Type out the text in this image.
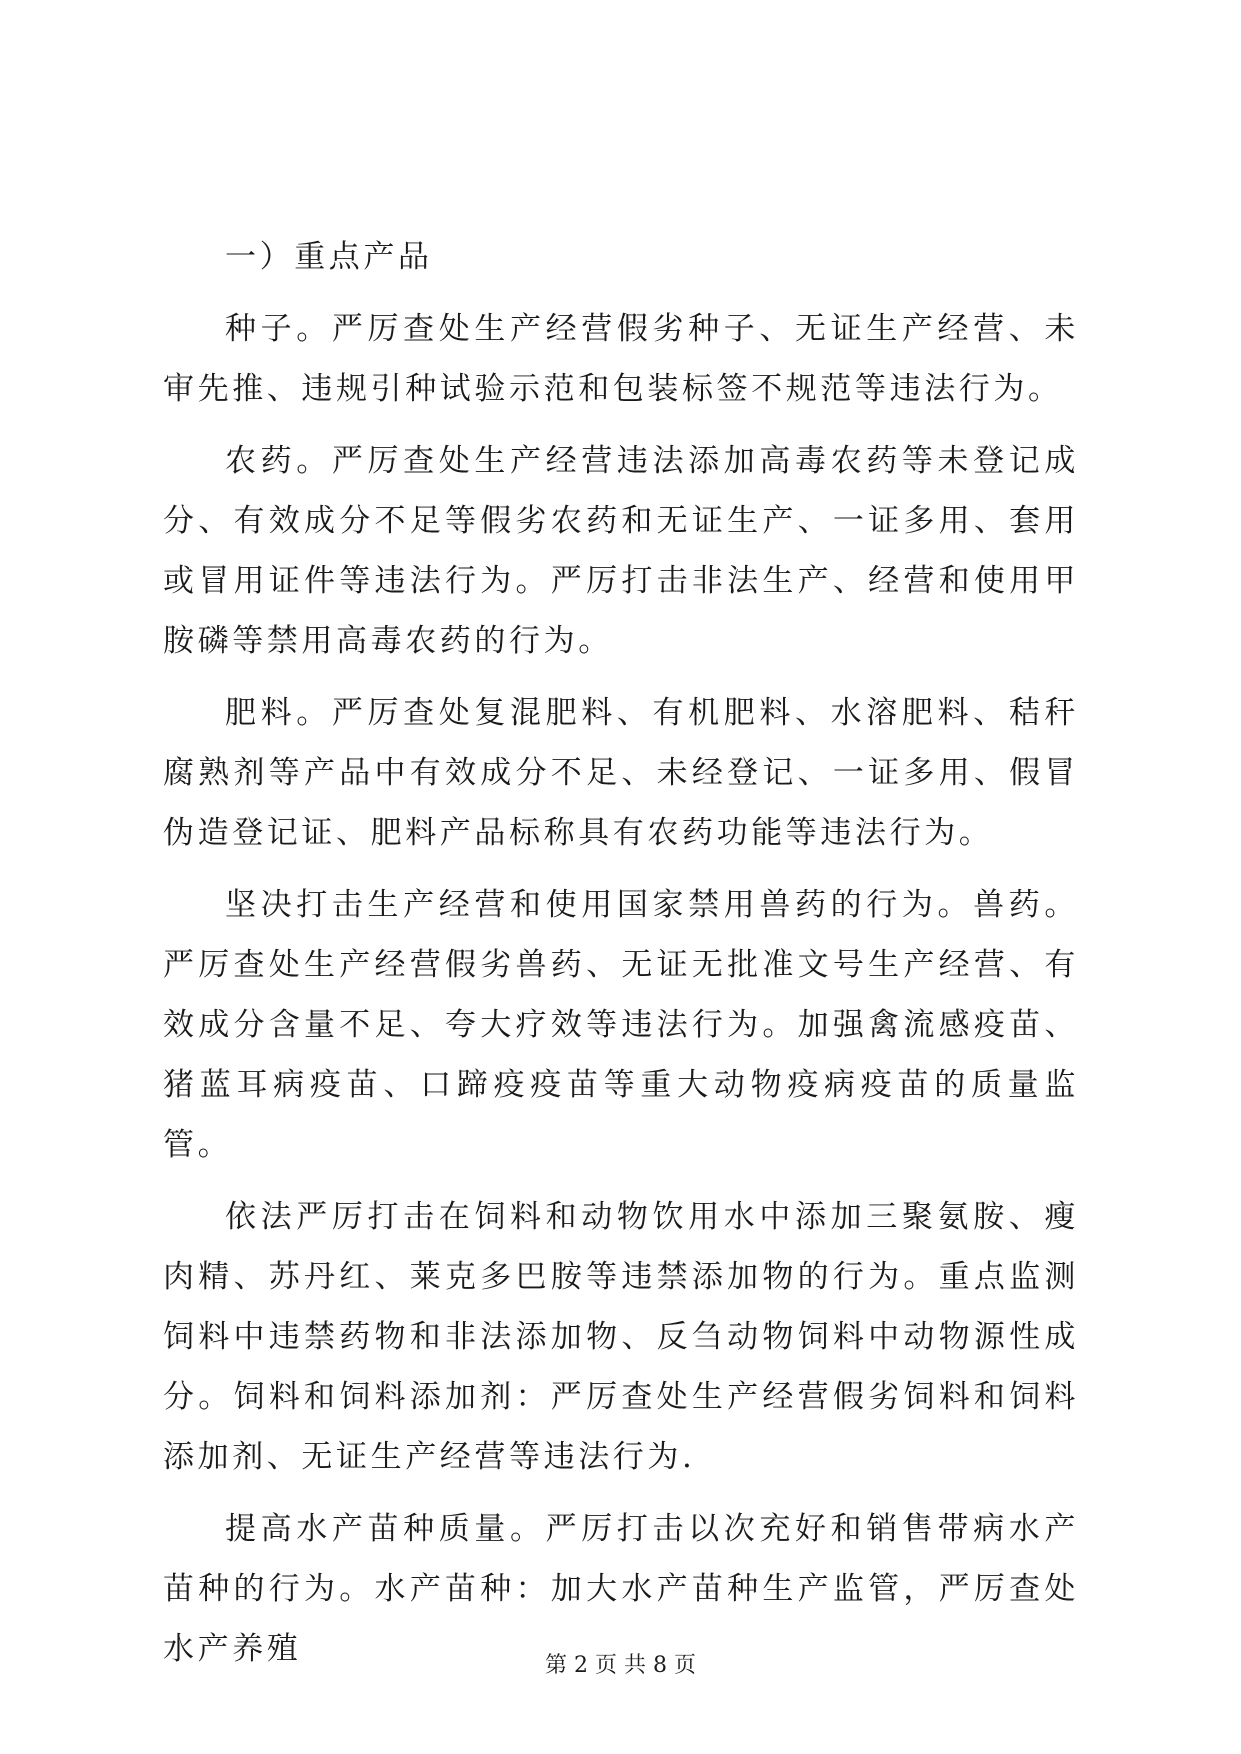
一）重点产品

种子。严厉查处生产经营假劣种子、无证生产经营、未审先推、违规引种试验示范和包装标签不规范等违法行为。

农药。严厉查处生产经营违法添加高毒农药等未登记成分、有效成分不足等假劣农药和无证生产、一证多用、套用或冒用证件等违法行为。严厉打击非法生产、经营和使用甲胺磷等禁用高毒农药的行为。

肥料。严厉查处复混肥料、有机肥料、水溶肥料、秸秆腐熟剂等产品中有效成分不足、未经登记、一证多用、假冒伪造登记证、肥料产品标称具有农药功能等违法行为。

坚决打击生产经营和使用国家禁用兽药的行为。兽药。严厉查处生产经营假劣兽药、无证无批准文号生产经营、有效成分含量不足、夸大疗效等违法行为。加强禽流感疫苗、猪蓝耳病疫苗、口蹄疫疫苗等重大动物疫病疫苗的质量监管。

依法严厉打击在饲料和动物饮用水中添加三聚氨胺、瘦肉精、苏丹红、莱克多巴胺等违禁添加物的行为。重点监测饲料中违禁药物和非法添加物、反刍动物饲料中动物源性成分。饲料和饲料添加剂：严厉查处生产经营假劣饲料和饲料添加剂、无证生产经营等违法行为.

提高水产苗种质量。严厉打击以次充好和销售带病水产苗种的行为。水产苗种：加大水产苗种生产监管，严厉查处水产养殖	第 2 页 共 8 页
